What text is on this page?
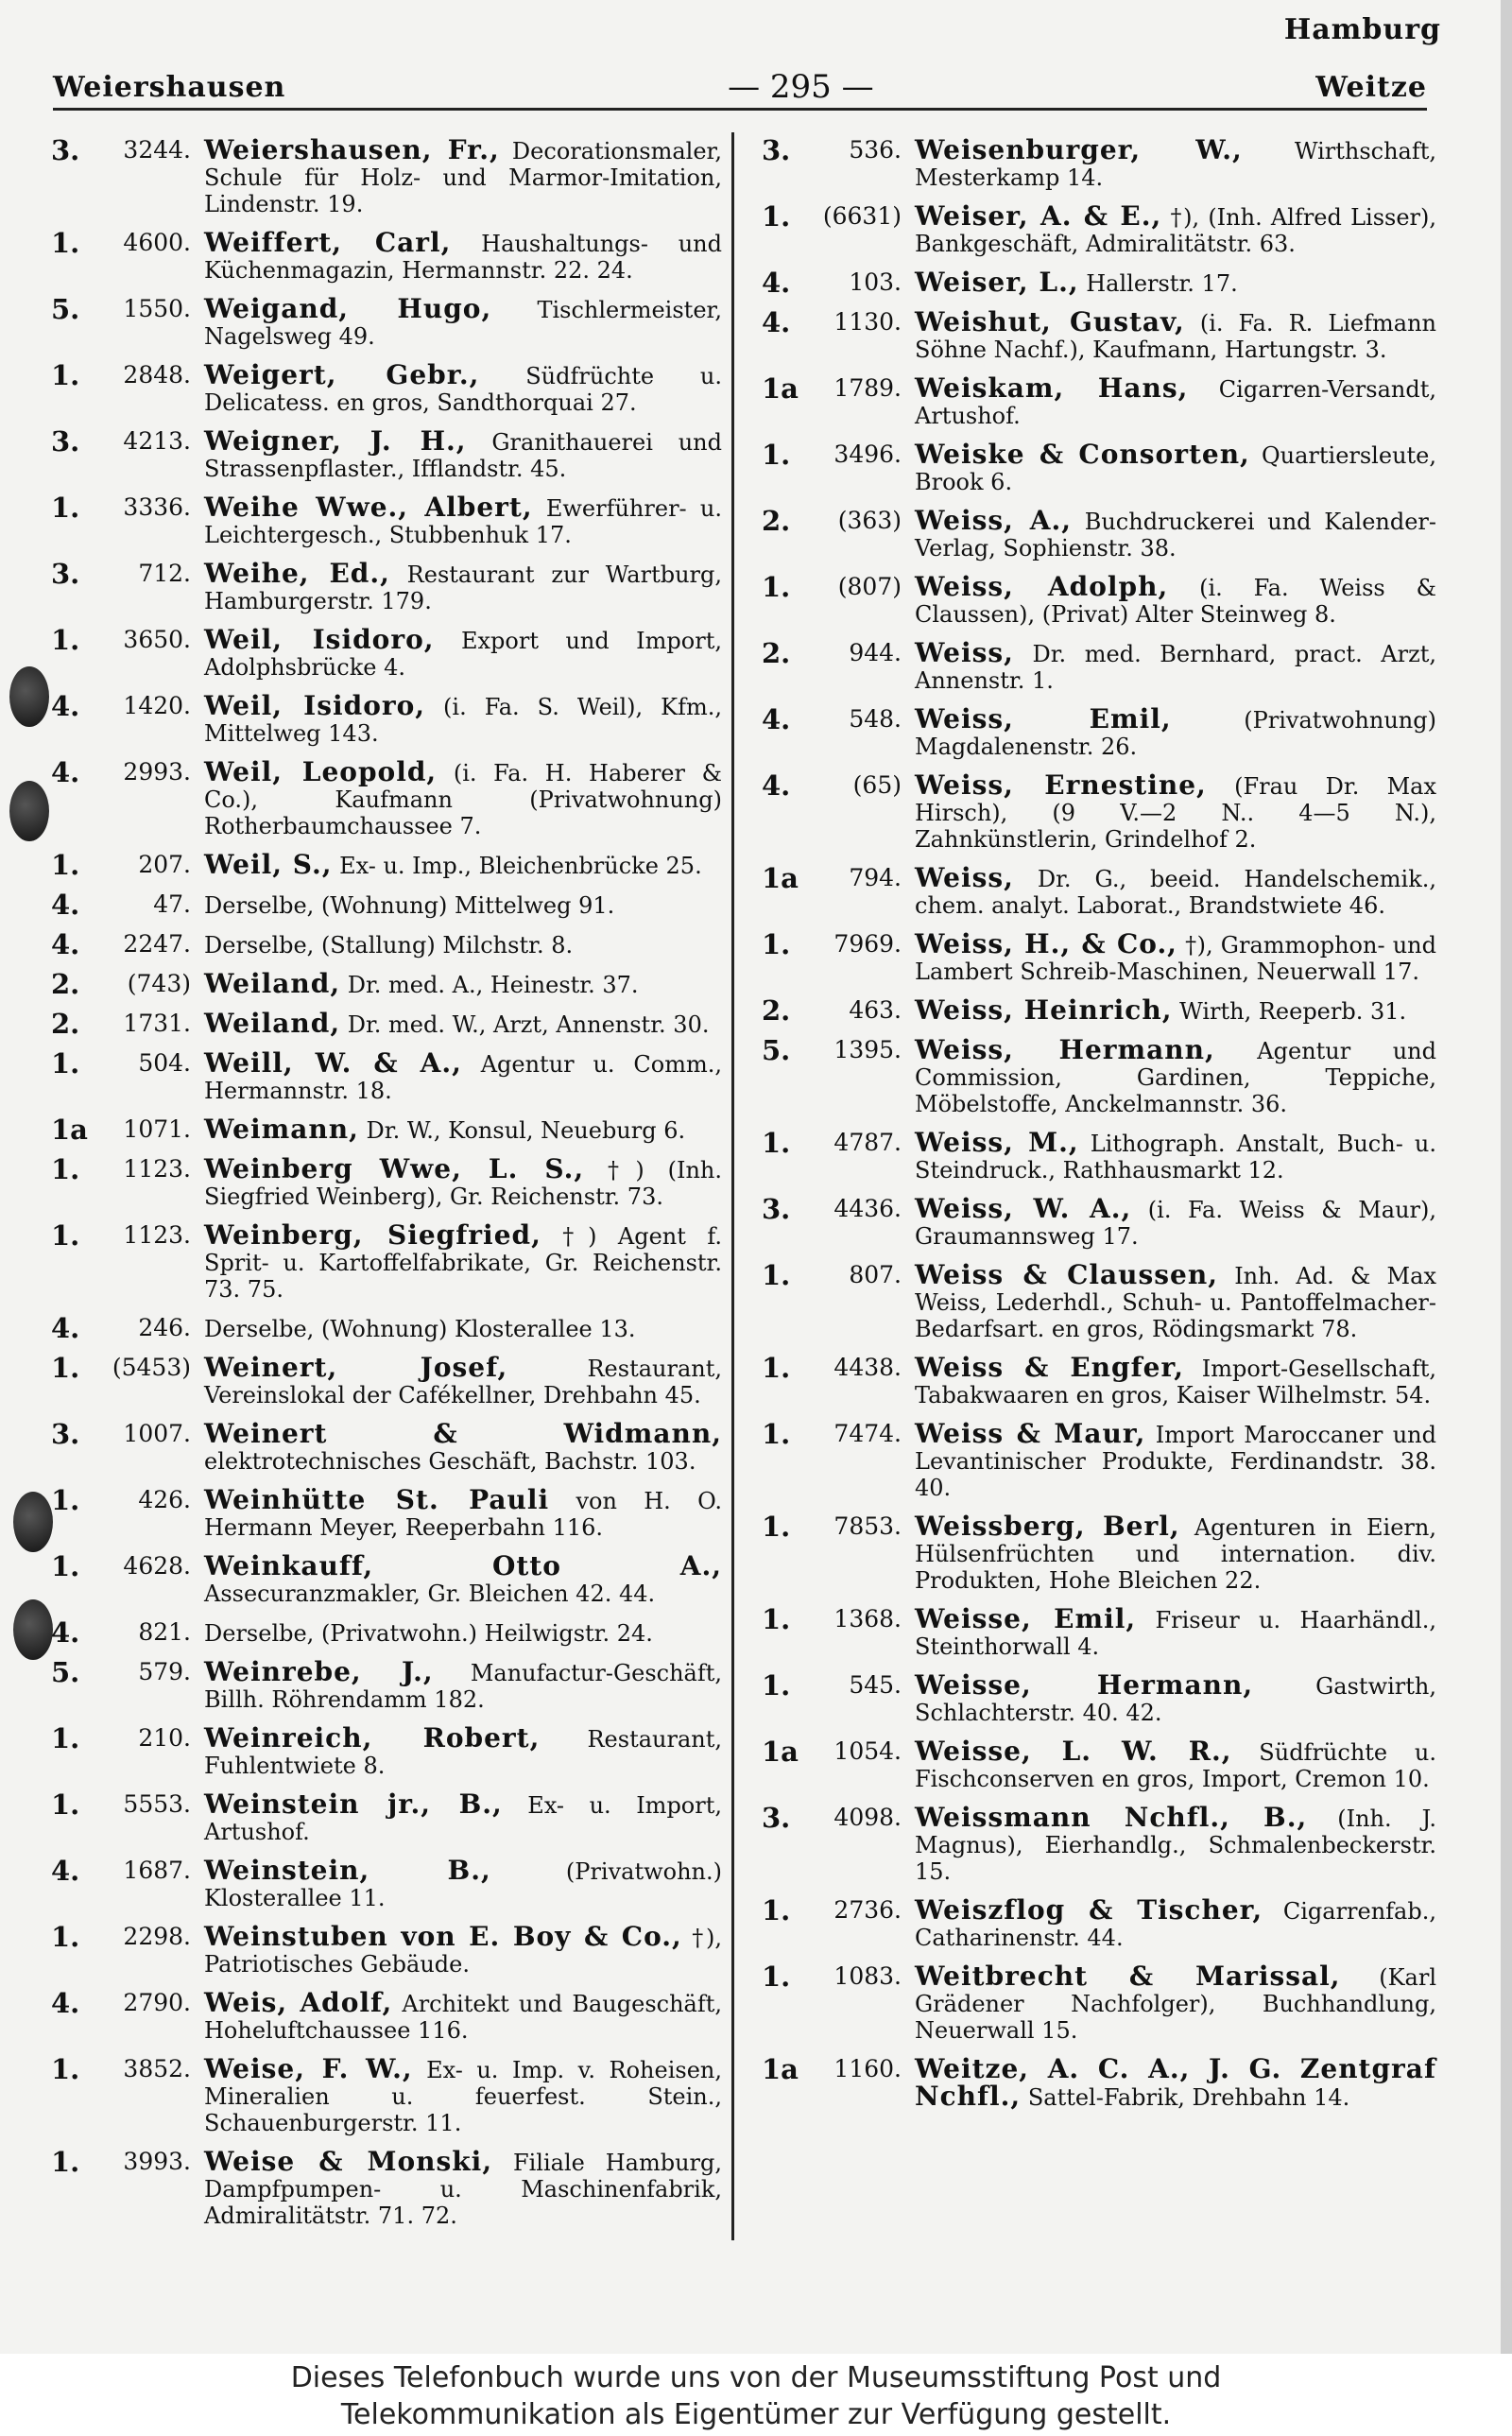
Hamburg
Weiershausen	— 295 —	Weitze
3.	3244. Weiershausen, Fr., Decorationsmaler, Schule für Holz- und Marmor-Imitation, Lindenstr. 19.
1.	4600. Weiffert, Carl, Haushaltungs- und Küchenmagazin, Hermannstr. 22. 24.
5.	1550. Weigand, Hugo, Tischlermeister, Nagelsweg 49.
1.	2848. Weigert, Gebr., Südfrüchte u. Delicatess. en gros, Sandthorquai 27.
3.	4213. Weigner, J. H., Granithauerei und Strassenpflaster., Ifflandstr. 45.
1.	3336. Weihe Wwe., Albert, Ewerführer- u. Leichtergesch., Stubbenhuk 17.
3.	712. Weihe, Ed., Restaurant zur Wartburg, Hamburgerstr. 179.
1.	3650. Weil, Isidoro, Export und Import, Adolphsbrücke 4.
4.	1420. Weil, Isidoro, (i. Fa. S. Weil), Kfm., Mittelweg 143.
4.	2993. Weil, Leopold, (i. Fa. H. Haberer & Co.), Kaufmann (Privatwohnung) Rotherbaumchaussee 7.
1.	207. Weil, S., Ex- u. Imp., Bleichenbrücke 25.
4.	47. Derselbe, (Wohnung) Mittelweg 91.
4.	2247. Derselbe, (Stallung) Milchstr. 8.
2.	(743) Weiland, Dr. med. A., Heinestr. 37.
2.	1731. Weiland, Dr. med. W., Arzt, Annenstr. 30.
1.	504. Weill, W. & A., Agentur u. Comm., Hermannstr. 18.
1a	1071. Weimann, Dr. W., Konsul, Neueburg 6.
1.	1123. Weinberg Wwe, L. S., †) (Inh. Siegfried Weinberg), Gr. Reichenstr. 73.
1.	1123. Weinberg, Siegfried, †) Agent f. Sprit- u. Kartoffelfabrikate, Gr. Reichenstr. 73. 75.
4.	246. Derselbe, (Wohnung) Klosterallee 13.
1.	(5453) Weinert, Josef, Restaurant, Vereinslokal der Cafékellner, Drehbahn 45.
3.	1007. Weinert & Widmann, elektrotechnisches Geschäft, Bachstr. 103.
1.	426. Weinhütte St. Pauli von H. O. Hermann Meyer, Reeperbahn 116.
1.	4628. Weinkauff, Otto A., Assecuranzmakler, Gr. Bleichen 42. 44.
4.	821. Derselbe, (Privatwohn.) Heilwigstr. 24.
5.	579. Weinrebe, J., Manufactur-Geschäft, Billh. Röhrendamm 182.
1.	210. Weinreich, Robert, Restaurant, Fuhlentwiete 8.
1.	5553. Weinstein jr., B., Ex- u. Import, Artushof.
4.	1687. Weinstein, B., (Privatwohn.) Klosterallee 11.
1.	2298. Weinstuben von E. Boy & Co., †), Patriotisches Gebäude.
4.	2790. Weis, Adolf, Architekt und Baugeschäft, Hoheluftchaussee 116.
1.	3852. Weise, F. W., Ex- u. Imp. v. Roheisen, Mineralien u. feuerfest. Stein., Schauenburgerstr. 11.
1.	3993. Weise & Monski, Filiale Hamburg, Dampfpumpen- u. Maschinenfabrik, Admiralitätstr. 71. 72.
3.	536. Weisenburger, W., Wirthschaft, Mesterkamp 14.
1.	(6631) Weiser, A. & E., †), (Inh. Alfred Lisser), Bankgeschäft, Admiralitätstr. 63.
4.	103. Weiser, L., Hallerstr. 17.
4.	1130. Weishut, Gustav, (i. Fa. R. Liefmann Söhne Nachf.), Kaufmann, Hartungstr. 3.
1a	1789. Weiskam, Hans, Cigarren-Versandt, Artushof.
1.	3496. Weiske & Consorten, Quartiersleute, Brook 6.
2.	(363) Weiss, A., Buchdruckerei und Kalender-Verlag, Sophienstr. 38.
1.	(807) Weiss, Adolph, (i. Fa. Weiss & Claussen), (Privat) Alter Steinweg 8.
2.	944. Weiss, Dr. med. Bernhard, pract. Arzt, Annenstr. 1.
4.	548. Weiss, Emil, (Privatwohnung) Magdalenenstr. 26.
4.	(65) Weiss, Ernestine, (Frau Dr. Max Hirsch), (9 V.—2 N.. 4—5 N.), Zahnkünstlerin, Grindelhof 2.
1a	794. Weiss, Dr. G., beeid. Handelschemik., chem. analyt. Laborat., Brandstwiete 46.
1.	7969. Weiss, H., & Co., †), Grammophon- und Lambert Schreib-Maschinen, Neuerwall 17.
2.	463. Weiss, Heinrich, Wirth, Reeperb. 31.
5.	1395. Weiss, Hermann, Agentur und Commission, Gardinen, Teppiche, Möbelstoffe, Anckelmannstr. 36.
1.	4787. Weiss, M., Lithograph. Anstalt, Buch- u. Steindruck., Rathhausmarkt 12.
3.	4436. Weiss, W. A., (i. Fa. Weiss & Maur), Graumannsweg 17.
1.	807. Weiss & Claussen, Inh. Ad. & Max Weiss, Lederhdl., Schuh- u. Pantoffelmacher-Bedarfsart. en gros, Rödingsmarkt 78.
1.	4438. Weiss & Engfer, Import-Gesellschaft, Tabakwaaren en gros, Kaiser Wilhelmstr. 54.
1.	7474. Weiss & Maur, Import Maroccaner und Levantinischer Produkte, Ferdinandstr. 38. 40.
1.	7853. Weissberg, Berl, Agenturen in Eiern, Hülsenfrüchten und internation. div. Produkten, Hohe Bleichen 22.
1.	1368. Weisse, Emil, Friseur u. Haarhändl., Steinthorwall 4.
1.	545. Weisse, Hermann, Gastwirth, Schlachterstr. 40. 42.
1a	1054. Weisse, L. W. R., Südfrüchte u. Fischconserven en gros, Import, Cremon 10.
3.	4098. Weissmann Nchfl., B., (Inh. J. Magnus), Eierhandlg., Schmalenbeckerstr. 15.
1.	2736. Weiszflog & Tischer, Cigarrenfab., Catharinenstr. 44.
1.	1083. Weitbrecht & Marissal, (Karl Grädener Nachfolger), Buchhandlung, Neuerwall 15.
1a	1160. Weitze, A. C. A., J. G. Zentgraf Nchfl., Sattel-Fabrik, Drehbahn 14.
Dieses Telefonbuch wurde uns von der Museumsstiftung Post und
Telekommunikation als Eigentümer zur Verfügung gestellt.
